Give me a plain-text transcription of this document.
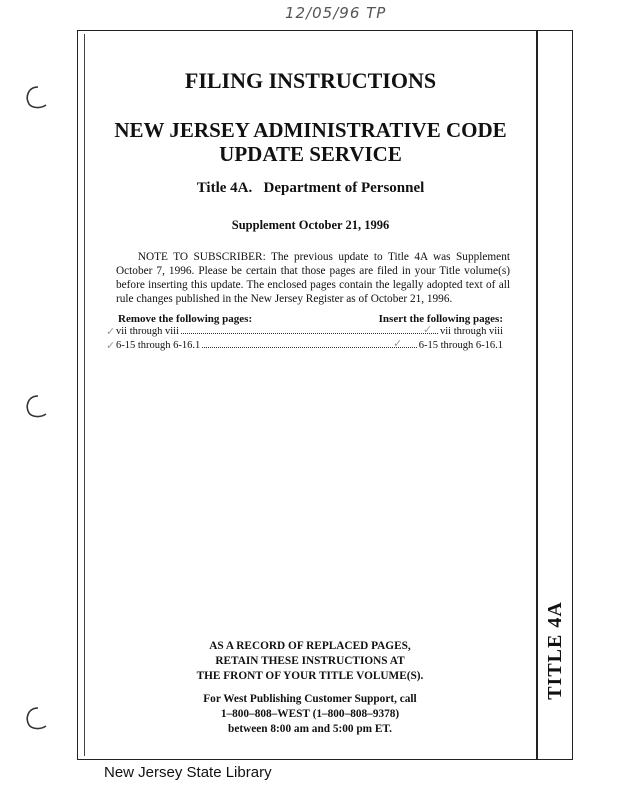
12/05/96 TP
TITLE 4A
FILING INSTRUCTIONS
NEW JERSEY ADMINISTRATIVE CODE
UPDATE SERVICE
Title 4A.   Department of Personnel
Supplement October 21, 1996
NOTE TO SUBSCRIBER: The previous update to Title 4A was Supplement October 7, 1996. Please be certain that those pages are filed in your Title volume(s) before inserting this update. The enclosed pages contain the legally adopted text of all rule changes published in the New Jersey Register as of October 21, 1996.
Remove the following pages:	Insert the following pages:
✓
✓
✓
✓
vii through viii	vii through viii
6-15 through 6-16.1	6-15 through 6-16.1
AS A RECORD OF REPLACED PAGES,
RETAIN THESE INSTRUCTIONS AT
THE FRONT OF YOUR TITLE VOLUME(S).
For West Publishing Customer Support, call
1–800–808–WEST (1–800–808–9378)
between 8:00 am and 5:00 pm ET.
New Jersey State Library
